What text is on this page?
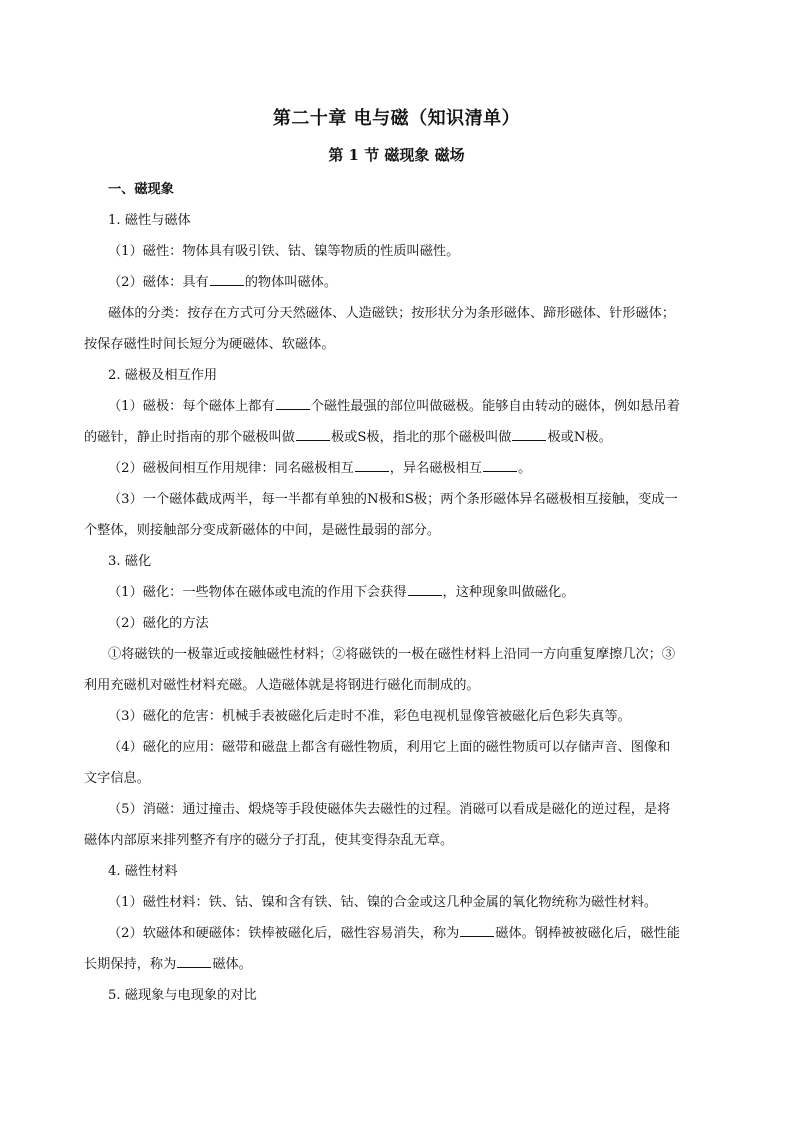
第二十章 电与磁（知识清单）
第 1 节 磁现象 磁场

一、磁现象

1. 磁性与磁体

（1）磁性：物体具有吸引铁、钴、镍等物质的性质叫磁性。

（2）磁体：具有	的物体叫磁体。

磁体的分类：按存在方式可分天然磁体、人造磁铁；按形状分为条形磁体、蹄形磁体、针形磁体；

按保存磁性时间长短分为硬磁体、软磁体。

2. 磁极及相互作用

（1）磁极：每个磁体上都有	个磁性最强的部位叫做磁极。能够自由转动的磁体，例如悬吊着

的磁针，静止时指南的那个磁极叫做	极或S极，指北的那个磁极叫做	极或N极。

（2）磁极间相互作用规律：同名磁极相互	，异名磁极相互	。

（3）一个磁体截成两半，每一半都有单独的N极和S极；两个条形磁体异名磁极相互接触，变成一

个整体，则接触部分变成新磁体的中间，是磁性最弱的部分。

3. 磁化

（1）磁化：一些物体在磁体或电流的作用下会获得	，这种现象叫做磁化。

（2）磁化的方法

①将磁铁的一极靠近或接触磁性材料；②将磁铁的一极在磁性材料上沿同一方向重复摩擦几次；③

利用充磁机对磁性材料充磁。人造磁体就是将钢进行磁化而制成的。

（3）磁化的危害：机械手表被磁化后走时不准，彩色电视机显像管被磁化后色彩失真等。

（4）磁化的应用：磁带和磁盘上都含有磁性物质，利用它上面的磁性物质可以存储声音、图像和

文字信息。

（5）消磁：通过撞击、煅烧等手段使磁体失去磁性的过程。消磁可以看成是磁化的逆过程，是将

磁体内部原来排列整齐有序的磁分子打乱，使其变得杂乱无章。

4. 磁性材料

（1）磁性材料：铁、钴、镍和含有铁、钴、镍的合金或这几种金属的氧化物统称为磁性材料。

（2）软磁体和硬磁体：铁棒被磁化后，磁性容易消失，称为	磁体。钢棒被被磁化后，磁性能

长期保持，称为	磁体。

5. 磁现象与电现象的对比
